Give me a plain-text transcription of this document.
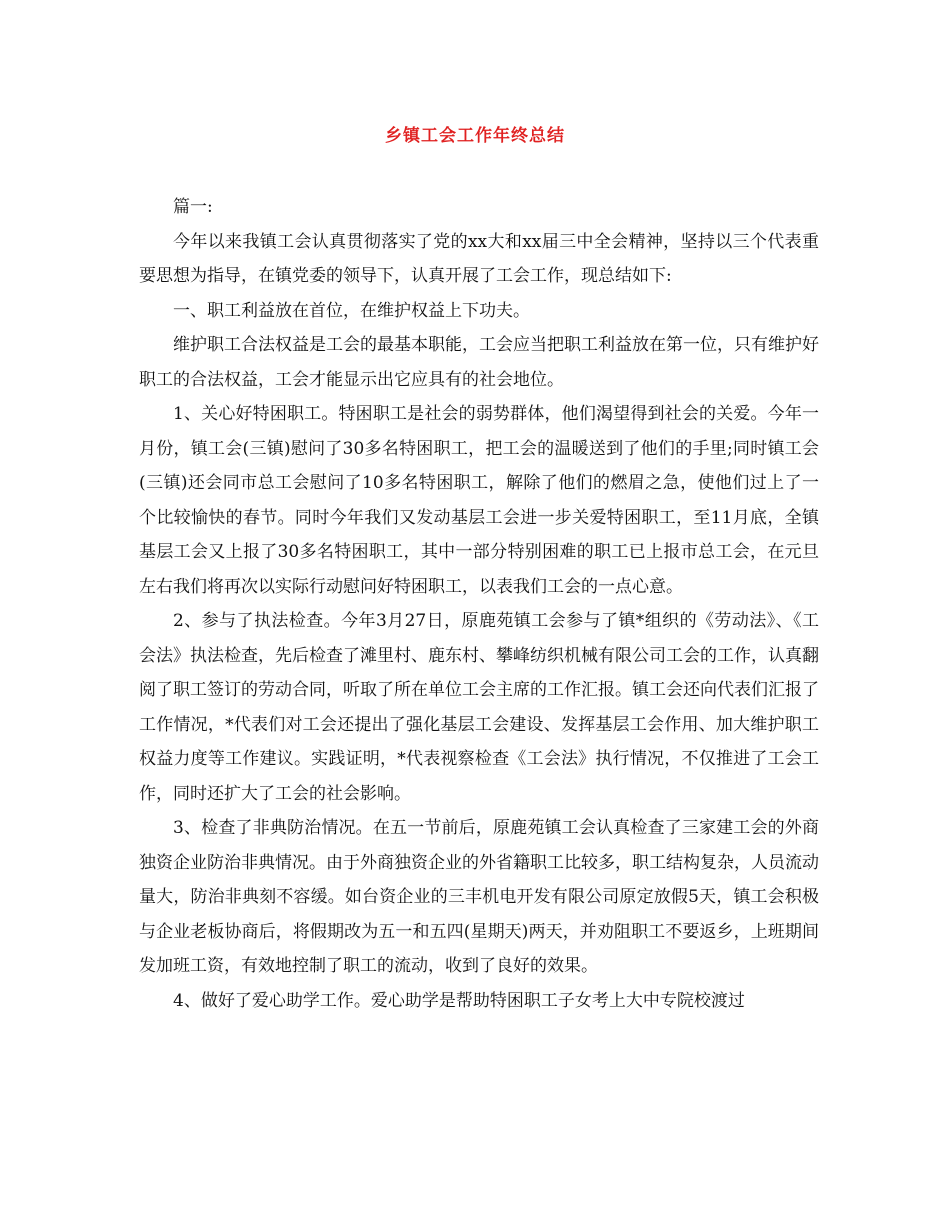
乡镇工会工作年终总结

篇一:

今年以来我镇工会认真贯彻落实了党的xx大和xx届三中全会精神，坚持以三个代表重要思想为指导，在镇党委的领导下，认真开展了工会工作，现总结如下:

一、职工利益放在首位，在维护权益上下功夫。

维护职工合法权益是工会的最基本职能，工会应当把职工利益放在第一位，只有维护好职工的合法权益，工会才能显示出它应具有的社会地位。

1、关心好特困职工。特困职工是社会的弱势群体，他们渴望得到社会的关爱。今年一月份，镇工会(三镇)慰问了30多名特困职工，把工会的温暖送到了他们的手里;同时镇工会(三镇)还会同市总工会慰问了10多名特困职工，解除了他们的燃眉之急，使他们过上了一个比较愉快的春节。同时今年我们又发动基层工会进一步关爱特困职工，至11月底，全镇基层工会又上报了30多名特困职工，其中一部分特别困难的职工已上报市总工会，在元旦左右我们将再次以实际行动慰问好特困职工，以表我们工会的一点心意。

2、参与了执法检查。今年3月27日，原鹿苑镇工会参与了镇*组织的《劳动法》、《工会法》执法检查，先后检查了滩里村、鹿东村、攀峰纺织机械有限公司工会的工作，认真翻阅了职工签订的劳动合同，听取了所在单位工会主席的工作汇报。镇工会还向代表们汇报了工作情况，*代表们对工会还提出了强化基层工会建设、发挥基层工会作用、加大维护职工权益力度等工作建议。实践证明，*代表视察检查《工会法》执行情况，不仅推进了工会工作，同时还扩大了工会的社会影响。

3、检查了非典防治情况。在五一节前后，原鹿苑镇工会认真检查了三家建工会的外商独资企业防治非典情况。由于外商独资企业的外省籍职工比较多，职工结构复杂，人员流动量大，防治非典刻不容缓。如台资企业的三丰机电开发有限公司原定放假5天，镇工会积极与企业老板协商后，将假期改为五一和五四(星期天)两天，并劝阻职工不要返乡，上班期间发加班工资，有效地控制了职工的流动，收到了良好的效果。

4、做好了爱心助学工作。爱心助学是帮助特困职工子女考上大中专院校渡过
